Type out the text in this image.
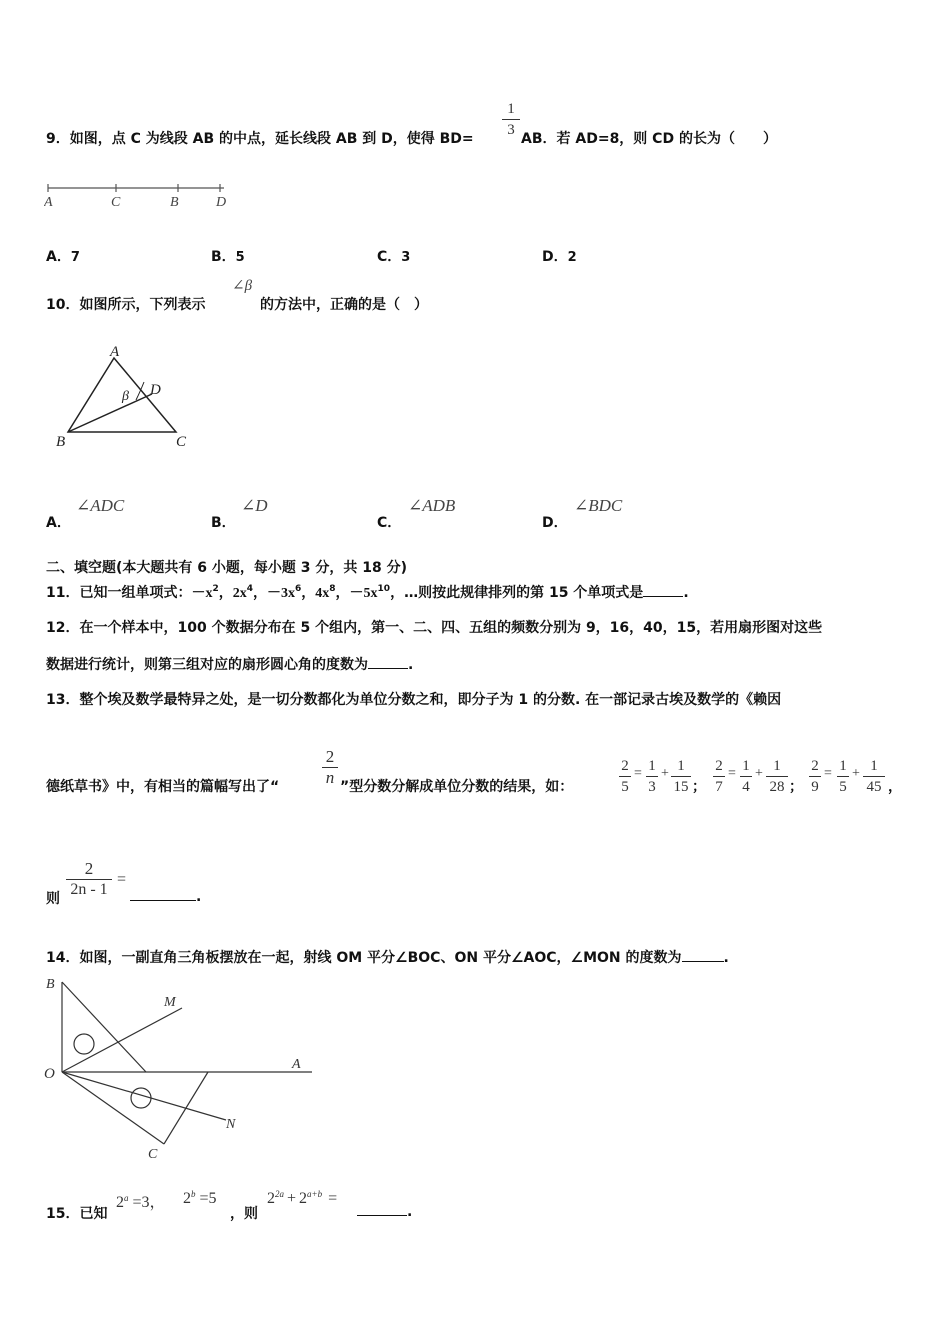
9．如图，点 C 为线段 AB 的中点，延长线段 AB 到 D，使得 BD=
1
3
AB．若 AD=8，则 CD 的长为（　　）
A	C	B	D
A．7	B．5	C．3	D．2
10．如图所示，下列表示
∠β
的方法中，正确的是（　）
A
β D
B	C
A．
∠ADC
B．
∠D
C．
∠ADB
D．
∠BDC
二、填空题(本大题共有 6 小题，每小题 3 分，共 18 分)
11．已知一组单项式：$-x^2$，$2x^4$，$-3x^6$，$4x^8$，$-5x^{10}$，…则按此规律排列的第 15 个单项式是	.
12．在一个样本中，100 个数据分布在 5 个组内，第一、二、四、五组的频数分别为 9，16，40，15，若用扇形图对这些
数据进行统计，则第三组对应的扇形圆心角的度数为	.
13．整个埃及数学最特异之处，是一切分数都化为单位分数之和，即分子为 1 的分数. 在一部记录古埃及数学的《赖因
德纸草书》中，有相当的篇幅写出了“
2
n ”型分数分解成单位分数的结果，如：
2
5
= 1
3
+ 1
15 ；
2
7
= 1
4
+ 1
28 ；
2
9
= 1
5
+ 1
45 ，
则
2
2n - 1
=
.
14．如图，一副直角三角板摆放在一起，射线 OM 平分∠BOC、ON 平分∠AOC，∠MON 的度数为	.
B
M
O
A
N
C
15．已知
$2^a =3$， $2^b =5$
，则
$2^{2a} + 2^{a+b}$ =
.
